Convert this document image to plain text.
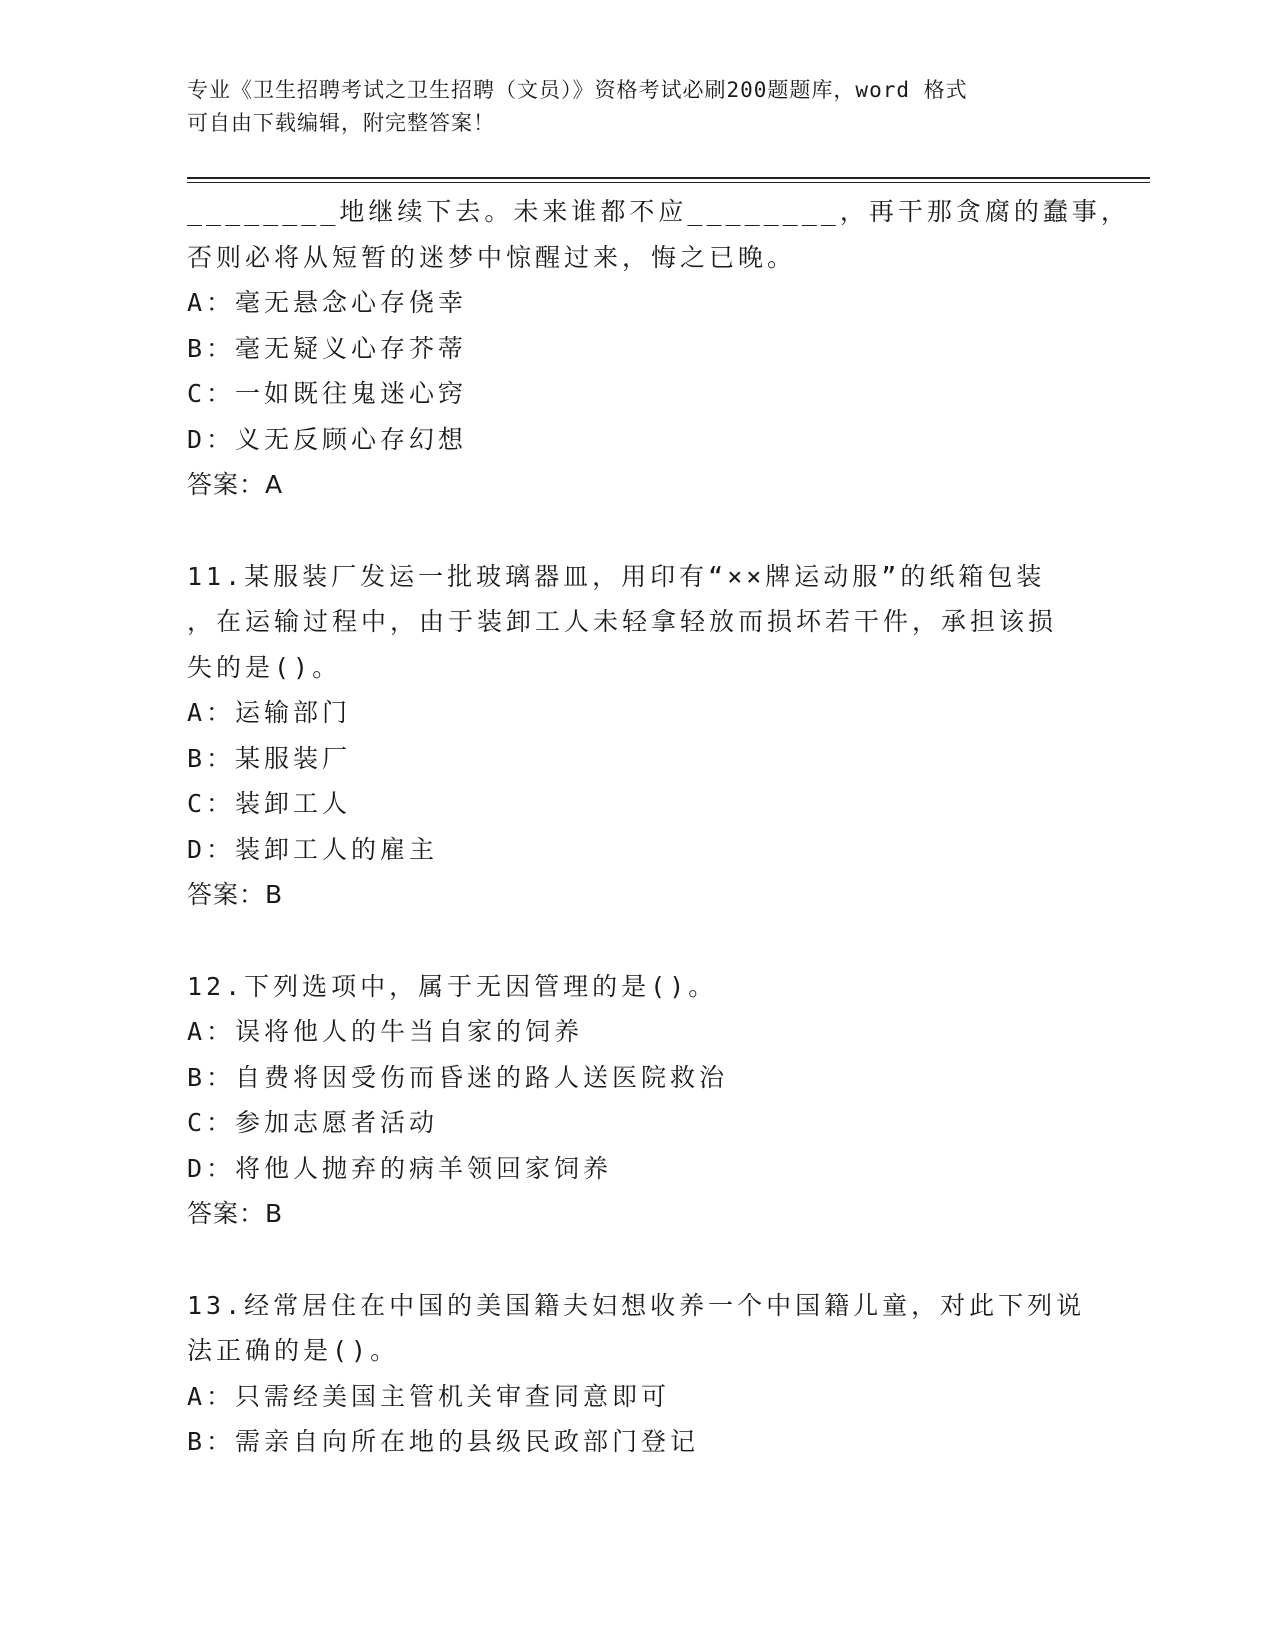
专业《卫生招聘考试之卫生招聘（文员）》资格考试必刷200题题库，word 格式
可自由下载编辑，附完整答案！
________地继续下去。未来谁都不应________，再干那贪腐的蠢事，
否则必将从短暂的迷梦中惊醒过来，悔之已晚。
A：毫无悬念心存侥幸
B：毫无疑义心存芥蒂
C：一如既往鬼迷心窍
D：义无反顾心存幻想
答案：A
11.某服装厂发运一批玻璃器皿，用印有“××牌运动服”的纸箱包装
，在运输过程中，由于装卸工人未轻拿轻放而损坏若干件，承担该损
失的是()。
A：运输部门
B：某服装厂
C：装卸工人
D：装卸工人的雇主
答案：B
12.下列选项中，属于无因管理的是()。
A：误将他人的牛当自家的饲养
B：自费将因受伤而昏迷的路人送医院救治
C：参加志愿者活动
D：将他人抛弃的病羊领回家饲养
答案：B
13.经常居住在中国的美国籍夫妇想收养一个中国籍儿童，对此下列说
法正确的是()。
A：只需经美国主管机关审查同意即可
B：需亲自向所在地的县级民政部门登记
